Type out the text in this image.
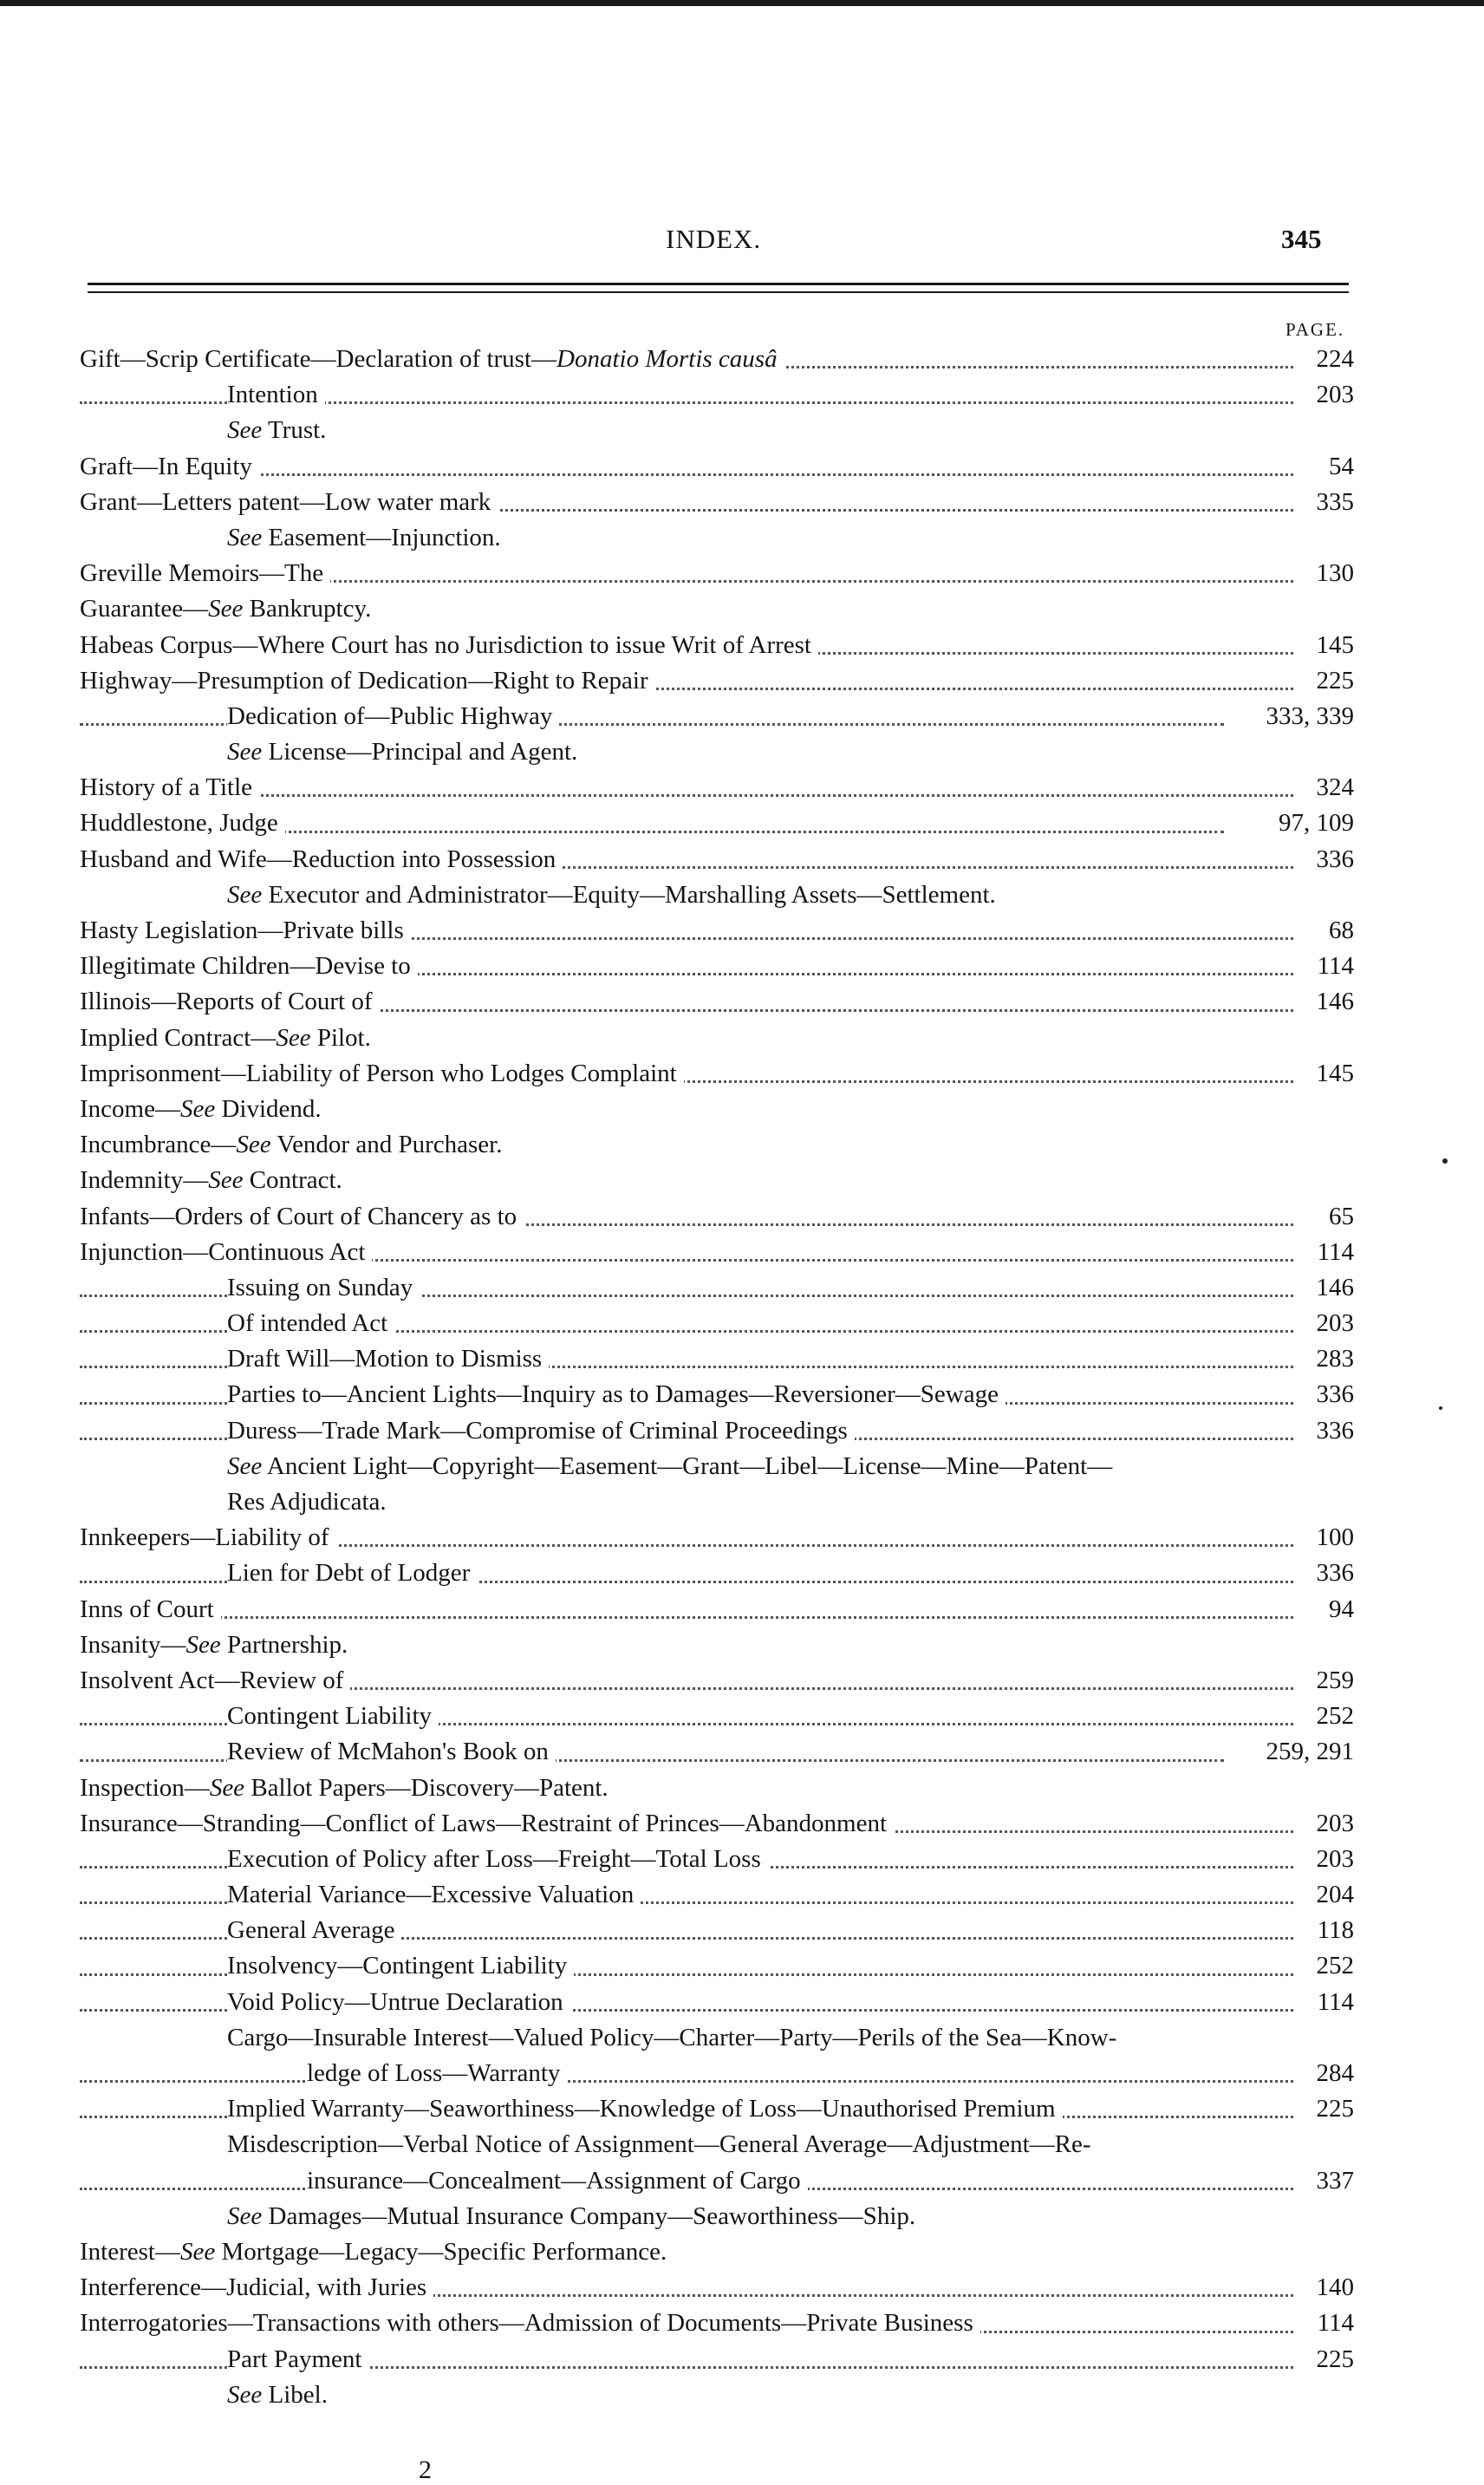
INDEX.	345
PAGE.
Gift—Scrip Certificate—Declaration of trust—Donatio Mortis causâ	224
Intention	203
See Trust.
Graft—In Equity	54
Grant—Letters patent—Low water mark	335
See Easement—Injunction.
Greville Memoirs—The	130
Guarantee—See Bankruptcy.
Habeas Corpus—Where Court has no Jurisdiction to issue Writ of Arrest	145
Highway—Presumption of Dedication—Right to Repair	225
Dedication of—Public Highway	333, 339
See License—Principal and Agent.
History of a Title	324
Huddlestone, Judge	97, 109
Husband and Wife—Reduction into Possession	336
See Executor and Administrator—Equity—Marshalling Assets—Settlement.
Hasty Legislation—Private bills	68
Illegitimate Children—Devise to	114
Illinois—Reports of Court of	146
Implied Contract—See Pilot.
Imprisonment—Liability of Person who Lodges Complaint	145
Income—See Dividend.
Incumbrance—See Vendor and Purchaser.
Indemnity—See Contract.
Infants—Orders of Court of Chancery as to	65
Injunction—Continuous Act	114
Issuing on Sunday	146
Of intended Act	203
Draft Will—Motion to Dismiss	283
Parties to—Ancient Lights—Inquiry as to Damages—Reversioner—Sewage	336
Duress—Trade Mark—Compromise of Criminal Proceedings	336
See Ancient Light—Copyright—Easement—Grant—Libel—License—Mine—Patent—
Res Adjudicata.
Innkeepers—Liability of	100
Lien for Debt of Lodger	336
Inns of Court	94
Insanity—See Partnership.
Insolvent Act—Review of	259
Contingent Liability	252
Review of McMahon's Book on	259, 291
Inspection—See Ballot Papers—Discovery—Patent.
Insurance—Stranding—Conflict of Laws—Restraint of Princes—Abandonment	203
Execution of Policy after Loss—Freight—Total Loss	203
Material Variance—Excessive Valuation	204
General Average	118
Insolvency—Contingent Liability	252
Void Policy—Untrue Declaration	114
Cargo—Insurable Interest—Valued Policy—Charter—Party—Perils of the Sea—Know-
ledge of Loss—Warranty	284
Implied Warranty—Seaworthiness—Knowledge of Loss—Unauthorised Premium	225
Misdescription—Verbal Notice of Assignment—General Average—Adjustment—Re-
insurance—Concealment—Assignment of Cargo	337
See Damages—Mutual Insurance Company—Seaworthiness—Ship.
Interest—See Mortgage—Legacy—Specific Performance.
Interference—Judicial, with Juries	140
Interrogatories—Transactions with others—Admission of Documents—Private Business	114
Part Payment	225
See Libel.
2
